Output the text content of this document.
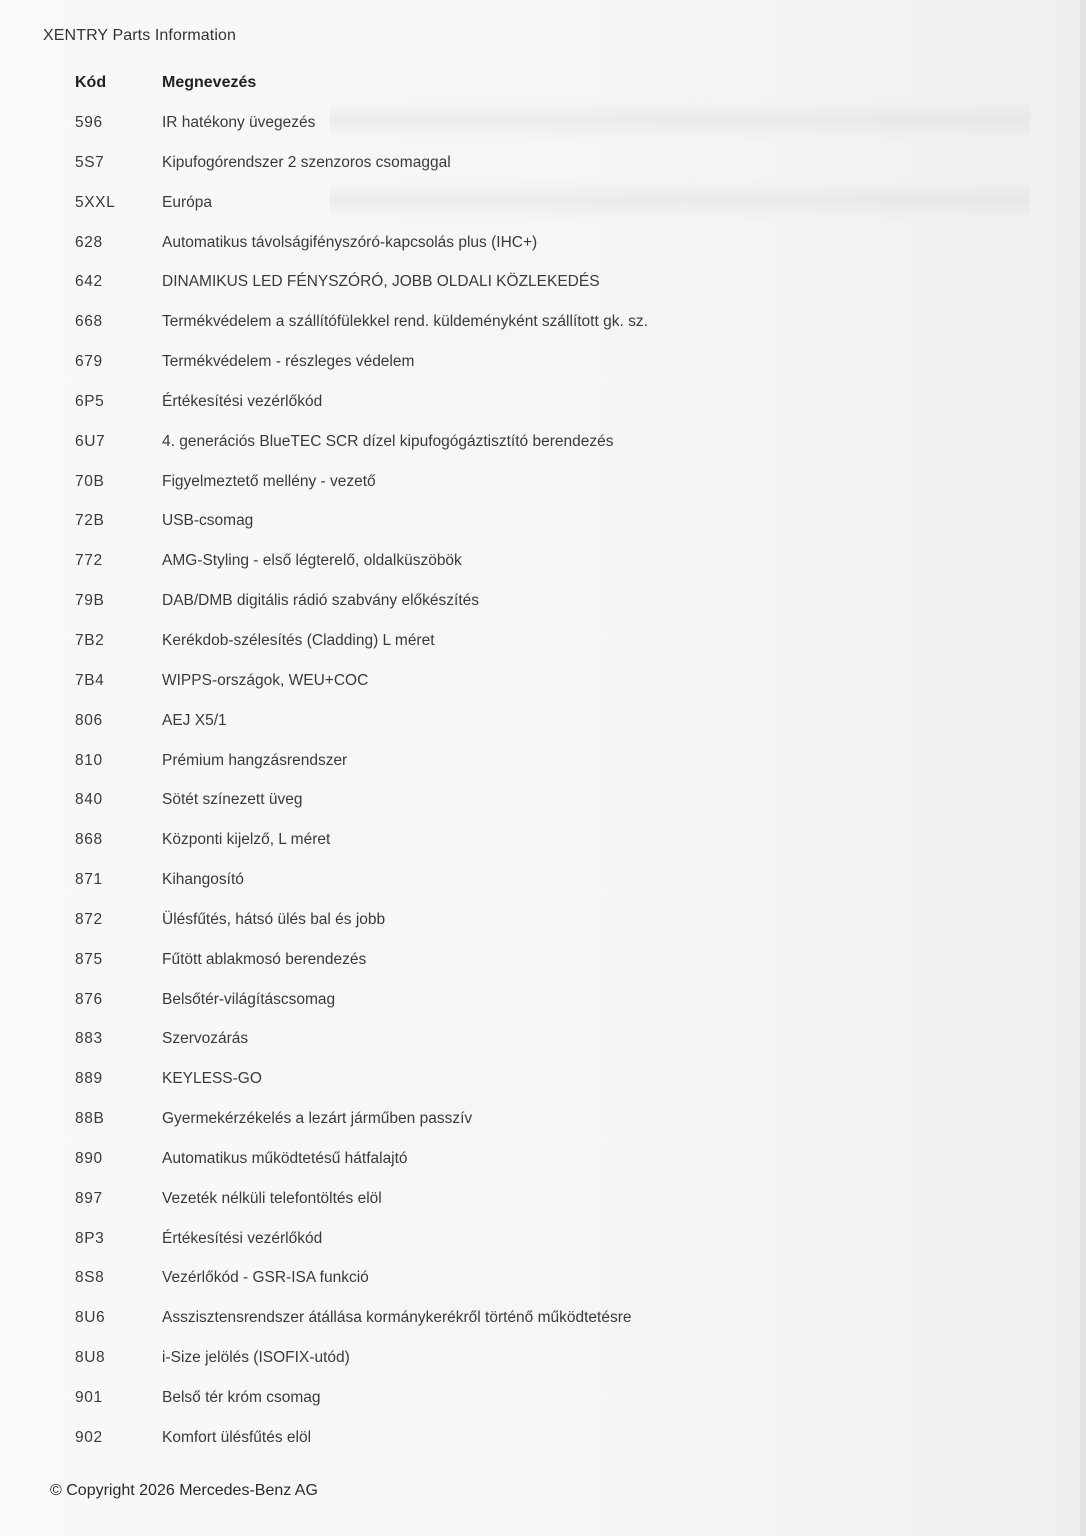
XENTRY Parts Information
Kód	Megnevezés
596	IR hatékony üvegezés
5S7	Kipufogórendszer 2 szenzoros csomaggal
5XXL	Európa
628	Automatikus távolságifényszóró-kapcsolás plus (IHC+)
642	DINAMIKUS LED FÉNYSZÓRÓ, JOBB OLDALI KÖZLEKEDÉS
668	Termékvédelem a szállítófülekkel rend. küldeményként szállított gk. sz.
679	Termékvédelem - részleges védelem
6P5	Értékesítési vezérlőkód
6U7	4. generációs BlueTEC SCR dízel kipufogógáztisztító berendezés
70B	Figyelmeztető mellény - vezető
72B	USB-csomag
772	AMG-Styling - első légterelő, oldalküszöbök
79B	DAB/DMB digitális rádió szabvány előkészítés
7B2	Kerékdob-szélesítés (Cladding) L méret
7B4	WIPPS-országok, WEU+COC
806	AEJ X5/1
810	Prémium hangzásrendszer
840	Sötét színezett üveg
868	Központi kijelző, L méret
871	Kihangosító
872	Ülésfűtés, hátsó ülés bal és jobb
875	Fűtött ablakmosó berendezés
876	Belsőtér-világításcsomag
883	Szervozárás
889	KEYLESS-GO
88B	Gyermekérzékelés a lezárt járműben passzív
890	Automatikus működtetésű hátfalajtó
897	Vezeték nélküli telefontöltés elöl
8P3	Értékesítési vezérlőkód
8S8	Vezérlőkód - GSR-ISA funkció
8U6	Asszisztensrendszer átállása kormánykerékről történő működtetésre
8U8	i-Size jelölés (ISOFIX-utód)
901	Belső tér króm csomag
902	Komfort ülésfűtés elöl
© Copyright 2026 Mercedes-Benz AG
